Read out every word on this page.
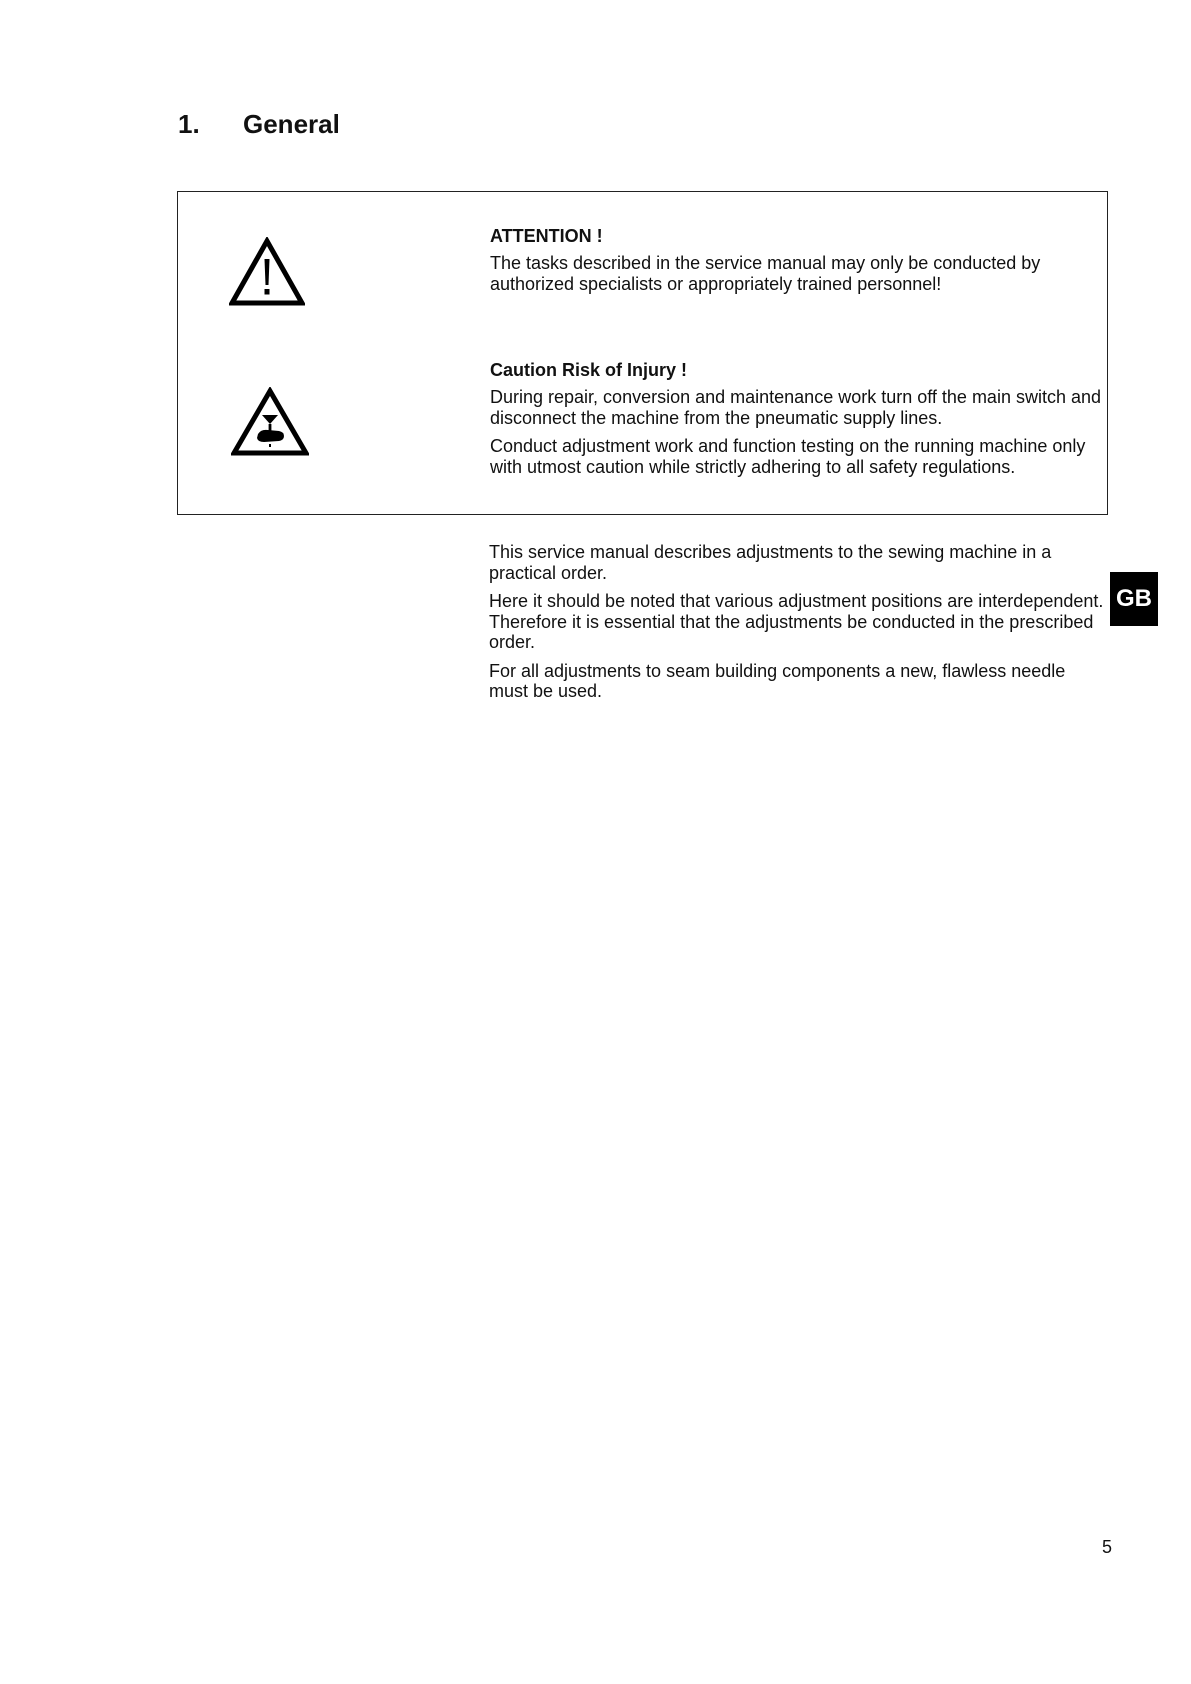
1. General
ATTENTION !

The tasks described in the service manual may only be conducted by authorized specialists or appropriately trained personnel!

Caution Risk of Injury !

During repair, conversion and maintenance work turn off the main switch and disconnect the machine from the pneumatic supply lines.

Conduct adjustment work and function testing on the running machine only with utmost caution while strictly adhering to all safety regulations.

This service manual describes adjustments to the sewing machine in a practical order.

Here it should be noted that various adjustment positions are interdependent. Therefore it is essential that the adjustments be conducted in the prescribed order.

For all adjustments to seam building components a new, flawless needle must be used.

GB
5
